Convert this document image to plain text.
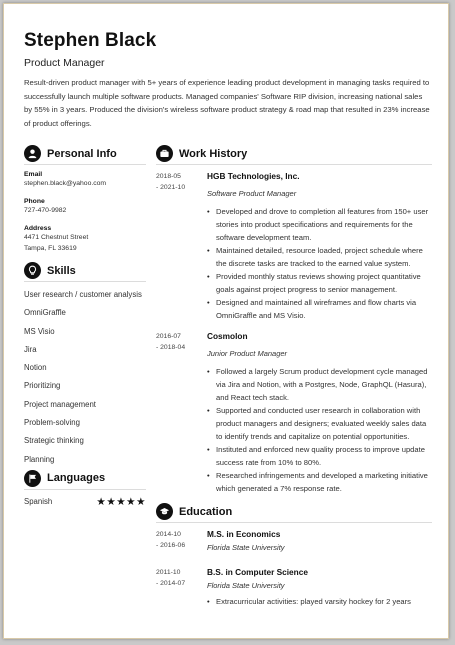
Stephen Black
Product Manager
Result-driven product manager with 5+ years of experience leading product development in managing tasks required to successfully launch multiple software products. Managed companies' Software RIP division, increasing national sales by 55% in 3 years. Produced the division's wireless software product strategy & road map that resulted in 23% increase of product offerings.
Personal Info
Email
stephen.black@yahoo.com
Phone
727-470-9982
Address
4471 Chestnut Street
Tampa, FL 33619
Skills
User research / customer analysis
OmniGraffle
MS Visio
Jira
Notion
Prioritizing
Project management
Problem-solving
Strategic thinking
Planning
Languages
Spanish	★★★★★
Work History
2018-05
- 2021-10
HGB Technologies, Inc.
Software Product Manager
• Developed and drove to completion all features from 150+ user stories into product specifications and requirements for the software development team.
• Maintained detailed, resource loaded, project schedule where the discrete tasks are tracked to the earned value system.
• Provided monthly status reviews showing project quantitative goals against project progress to senior management.
• Designed and maintained all wireframes and flow charts via OmniGraffle and MS Visio.
2016-07
- 2018-04
Cosmolon
Junior Product Manager
• Followed a largely Scrum product development cycle managed via Jira and Notion, with a Postgres, Node, GraphQL (Hasura), and React tech stack.
• Supported and conducted user research in collaboration with product managers and designers; evaluated weekly sales data to identify trends and capitalize on potential opportunities.
• Instituted and enforced new quality process to improve update success rate from 10% to 80%.
• Researched infringements and developed a marketing initiative which generated a 7% response rate.
Education
2014-10
- 2016-06
M.S. in Economics
Florida State University
2011-10
- 2014-07
B.S. in Computer Science
Florida State University
• Extracurricular activities: played varsity hockey for 2 years
